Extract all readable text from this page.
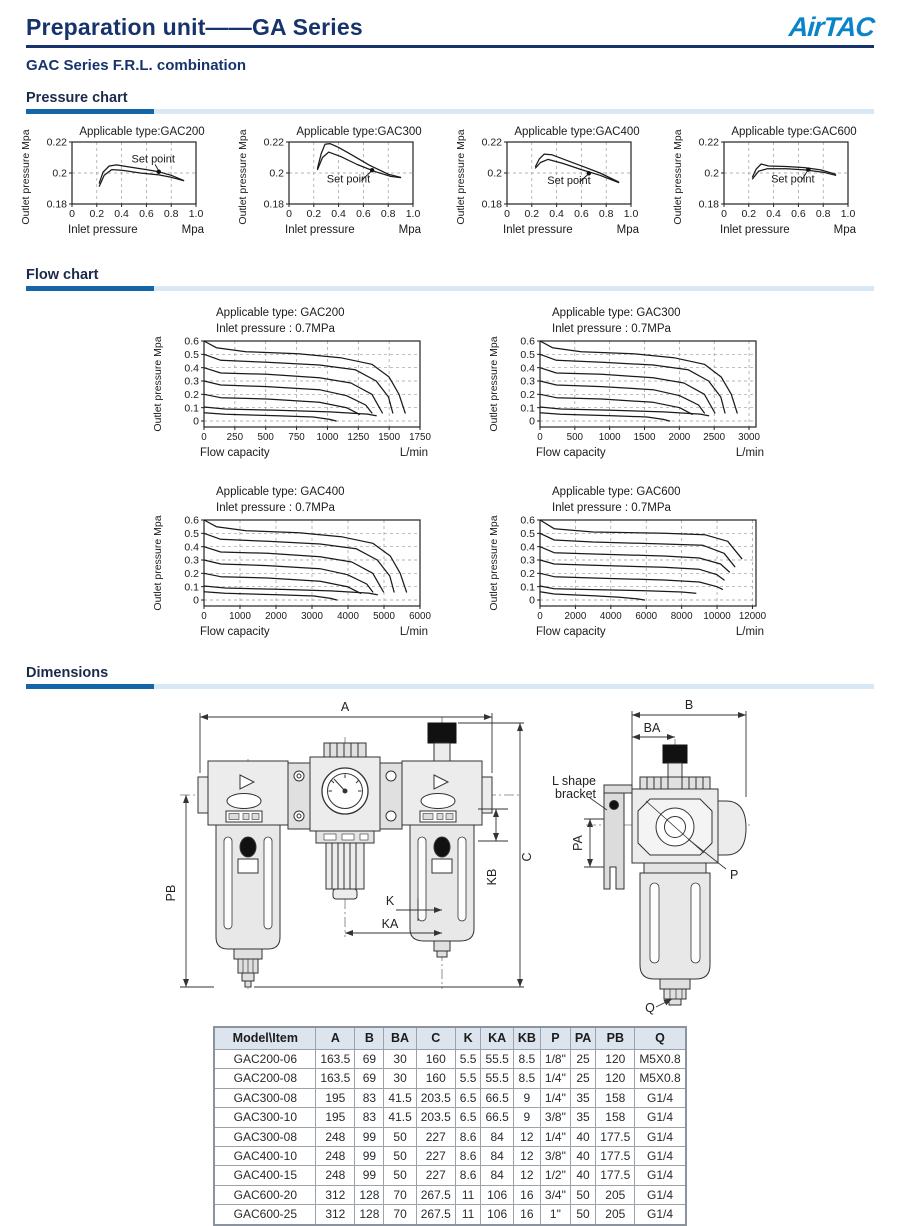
Preparation unit——GA Series	AirTAC
GAC Series F.R.L. combination
Pressure chart
0 0.2 0.4 0.6 0.8 1.0
0.18
0.2
0.22
Applicable type:GAC200
Outlet pressure Mpa
Inlet pressure	Mpa
Set point
0 0.2 0.4 0.6 0.8 1.0
0.18
0.2
0.22
Applicable type:GAC300
Outlet pressure Mpa
Inlet pressure	Mpa
Set point
0 0.2 0.4 0.6 0.8 1.0
0.18
0.2
0.22
Applicable type:GAC400
Outlet pressure Mpa
Inlet pressure	Mpa
Set point
0 0.2 0.4 0.6 0.8 1.0
0.18
0.2
0.22
Applicable type:GAC600
Outlet pressure Mpa
Inlet pressure	Mpa
Set point
Flow chart
0 250 500 750 1000 1250 1500 1750
0
0.1
0.2
0.3
0.4
0.5
0.6
Applicable type: GAC200
Inlet pressure : 0.7MPa
Outlet pressure Mpa
Flow capacity	L/min
0 500 1000 1500 2000 2500 3000
0
0.1
0.2
0.3
0.4
0.5
0.6
Applicable type: GAC300
Inlet pressure : 0.7MPa
Outlet pressure Mpa
Flow capacity	L/min
0 1000 2000 3000 4000 5000 6000
0
0.1
0.2
0.3
0.4
0.5
0.6
Applicable type: GAC400
Inlet pressure : 0.7MPa
Outlet pressure Mpa
Flow capacity	L/min
0 2000 4000 6000 8000 10000 12000
0
0.1
0.2
0.3
0.4
0.5
0.6
Applicable type: GAC600
Inlet pressure : 0.7MPa
Outlet pressure Mpa
Flow capacity	L/min
Dimensions
A
C
PB
KB
K
KA
B
BA
PA
P
Q
L shape
bracket
Model\Item	A	B	BA	C	K	KA	KB	P	PA	PB	Q
GAC200-06	163.5	69	30	160	5.5	55.5	8.5	1/8"	25	120	M5X0.8
GAC200-08	163.5	69	30	160	5.5	55.5	8.5	1/4"	25	120	M5X0.8
GAC300-08	195	83	41.5	203.5	6.5	66.5	9	1/4"	35	158	G1/4
GAC300-10	195	83	41.5	203.5	6.5	66.5	9	3/8"	35	158	G1/4
GAC300-08	248	99	50	227	8.6	84	12	1/4"	40	177.5	G1/4
GAC400-10	248	99	50	227	8.6	84	12	3/8"	40	177.5	G1/4
GAC400-15	248	99	50	227	8.6	84	12	1/2"	40	177.5	G1/4
GAC600-20	312	128	70	267.5	11	106	16	3/4"	50	205	G1/4
GAC600-25	312	128	70	267.5	11	106	16	1"	50	205	G1/4
